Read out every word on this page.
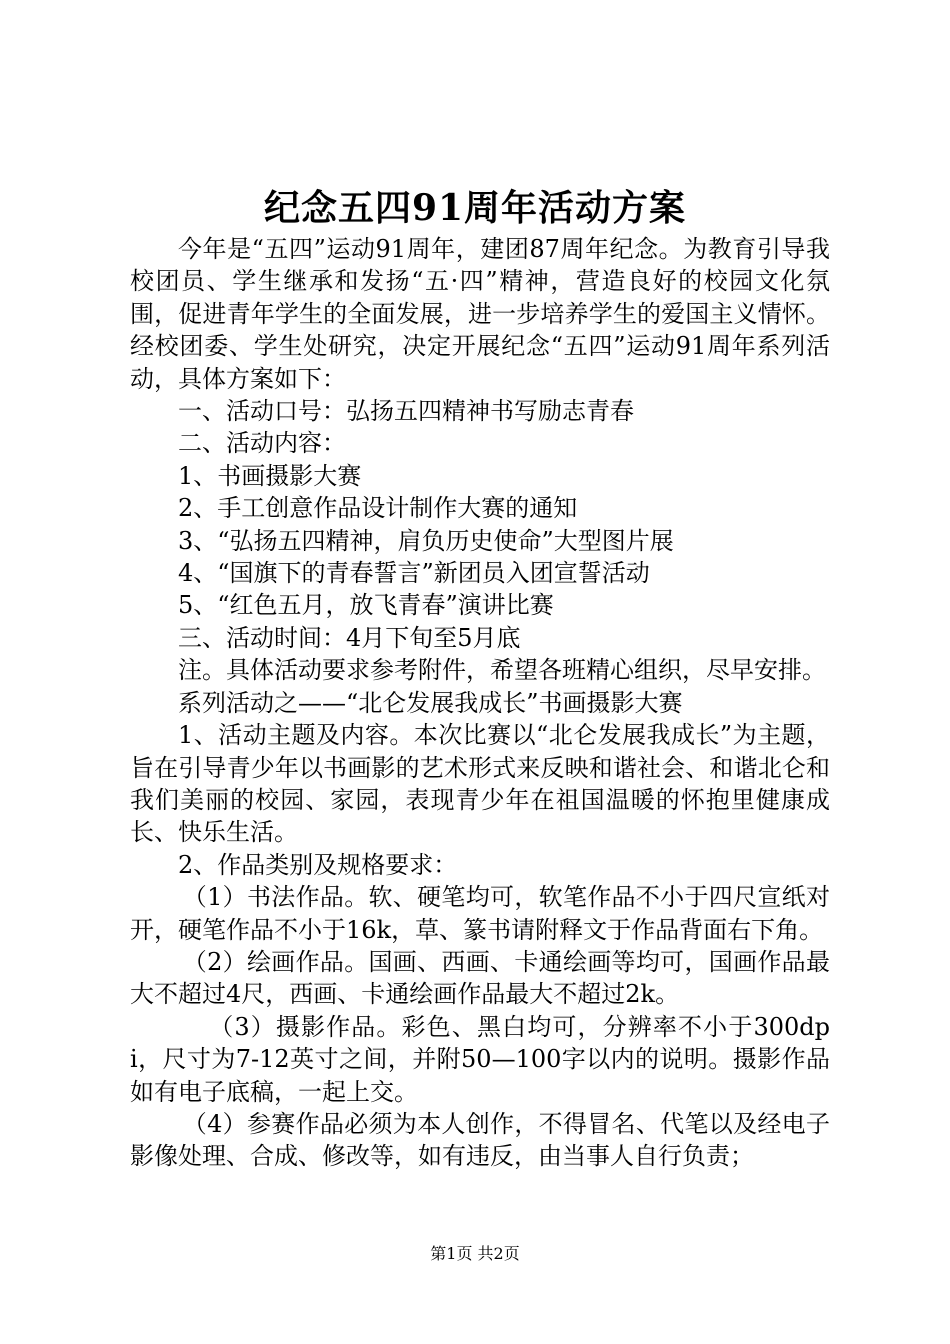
纪念五四91周年活动方案

今年是“五四”运动91周年，建团87周年纪念。为教育引导我校团员、学生继承和发扬“五·四”精神，营造良好的校园文化氛围，促进青年学生的全面发展，进一步培养学生的爱国主义情怀。经校团委、学生处研究，决定开展纪念“五四”运动91周年系列活动，具体方案如下：

一、活动口号：弘扬五四精神书写励志青春

二、活动内容：

1、书画摄影大赛

2、手工创意作品设计制作大赛的通知

3、“弘扬五四精神，肩负历史使命”大型图片展

4、“国旗下的青春誓言”新团员入团宣誓活动

5、“红色五月，放飞青春”演讲比赛

三、活动时间：4月下旬至5月底

注。具体活动要求参考附件，希望各班精心组织，尽早安排。

系列活动之——“北仑发展我成长”书画摄影大赛

1、活动主题及内容。本次比赛以“北仑发展我成长”为主题，旨在引导青少年以书画影的艺术形式来反映和谐社会、和谐北仑和我们美丽的校园、家园，表现青少年在祖国温暖的怀抱里健康成长、快乐生活。

2、作品类别及规格要求：

（1）书法作品。软、硬笔均可，软笔作品不小于四尺宣纸对开，硬笔作品不小于16k，草、篆书请附释文于作品背面右下角。

（2）绘画作品。国画、西画、卡通绘画等均可，国画作品最大不超过4尺，西画、卡通绘画作品最大不超过2k。

（3）摄影作品。彩色、黑白均可，分辨率不小于300dpi，尺寸为7-12英寸之间，并附50—100字以内的说明。摄影作品如有电子底稿，一起上交。

（4）参赛作品必须为本人创作，不得冒名、代笔以及经电子影像处理、合成、修改等，如有违反，由当事人自行负责；

第1页 共2页
